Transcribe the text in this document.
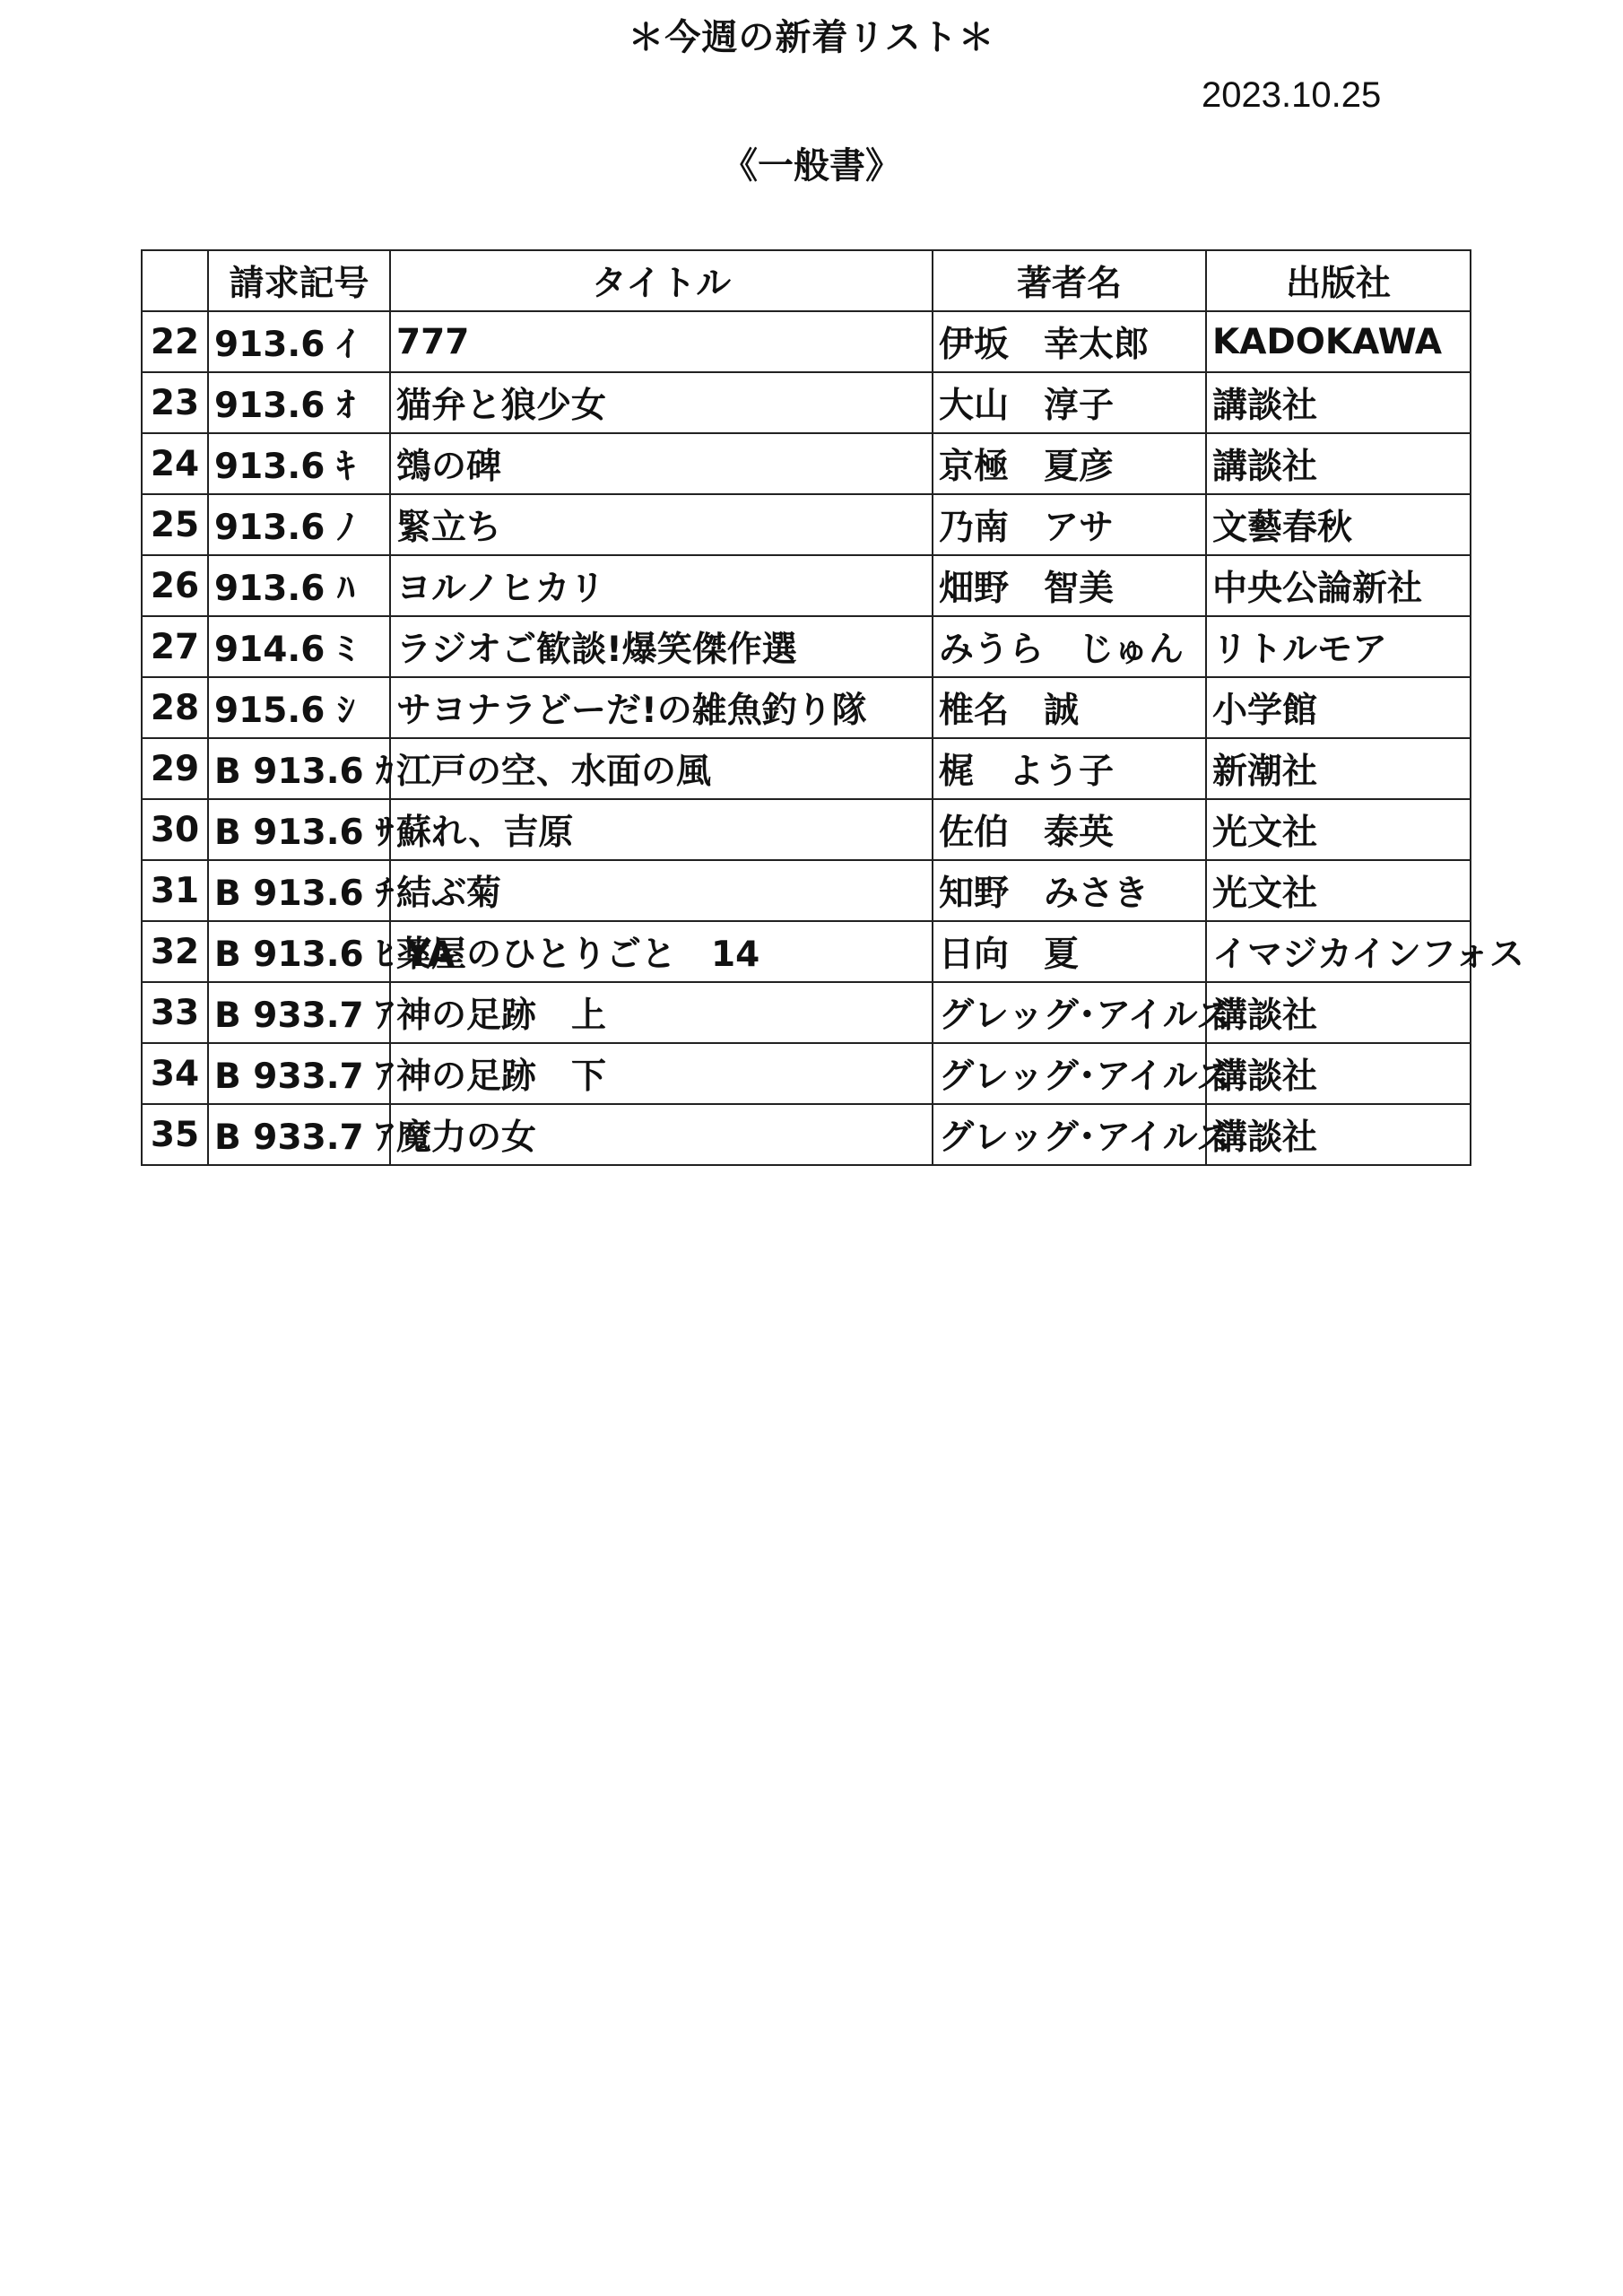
＊今週の新着リスト＊
2023.10.25
《一般書》
	請求記号	タイトル	著者名	出版社
22	913.6 ｲ	777	伊坂　幸太郎	KADOKAWA
23	913.6 ｵ	猫弁と狼少女	大山　淳子	講談社
24	913.6 ｷ	鵼の碑	京極　夏彦	講談社
25	913.6 ﾉ	緊立ち	乃南　アサ	文藝春秋
26	913.6 ﾊ	ヨルノヒカリ	畑野　智美	中央公論新社
27	914.6 ﾐ	ラジオご歓談!爆笑傑作選	みうら　じゅん	リトルモア
28	915.6 ｼ	サヨナラどーだ!の雑魚釣り隊	椎名　誠	小学館
29	B 913.6 ｶ	江戸の空、水面の風	梶　よう子	新潮社
30	B 913.6 ｻ	蘇れ、吉原	佐伯　泰英	光文社
31	B 913.6 ﾁ	結ぶ菊	知野　みさき	光文社
32	B 913.6 ﾋ YA	薬屋のひとりごと　14	日向　夏	イマジカインフォス
33	B 933.7 ｱ	神の足跡　上	グレッグ･アイルズ	講談社
34	B 933.7 ｱ	神の足跡　下	グレッグ･アイルズ	講談社
35	B 933.7 ｱ	魔力の女	グレッグ･アイルズ	講談社
